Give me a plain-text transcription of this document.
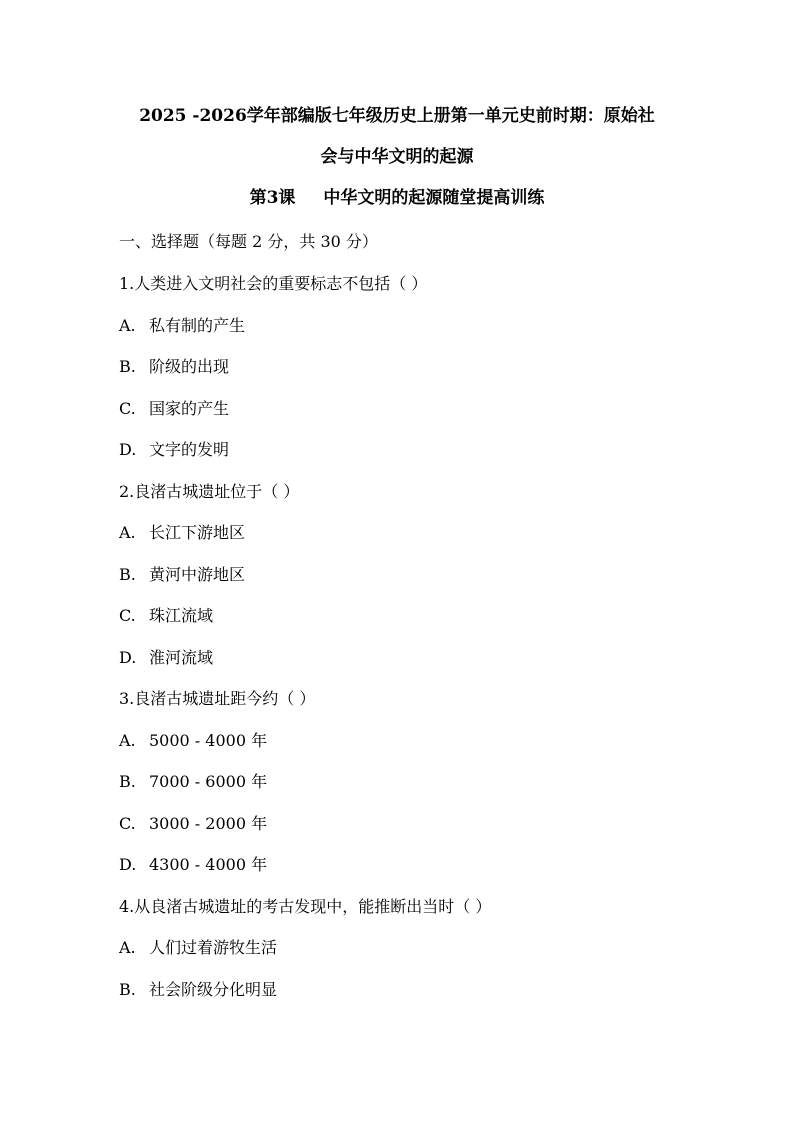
2025 -2026学年部编版七年级历史上册第一单元史前时期：原始社
会与中华文明的起源
第3课 中华文明的起源随堂提高训练
一、选择题（每题 2 分，共 30 分）
1.人类进入文明社会的重要标志不包括（ ）
A. 私有制的产生
B. 阶级的出现
C. 国家的产生
D. 文字的发明
2.良渚古城遗址位于（ ）
A. 长江下游地区
B. 黄河中游地区
C. 珠江流域
D. 淮河流域
3.良渚古城遗址距今约（ ）
A. 5000 - 4000 年
B. 7000 - 6000 年
C. 3000 - 2000 年
D. 4300 - 4000 年
4.从良渚古城遗址的考古发现中，能推断出当时（ ）
A. 人们过着游牧生活
B. 社会阶级分化明显
